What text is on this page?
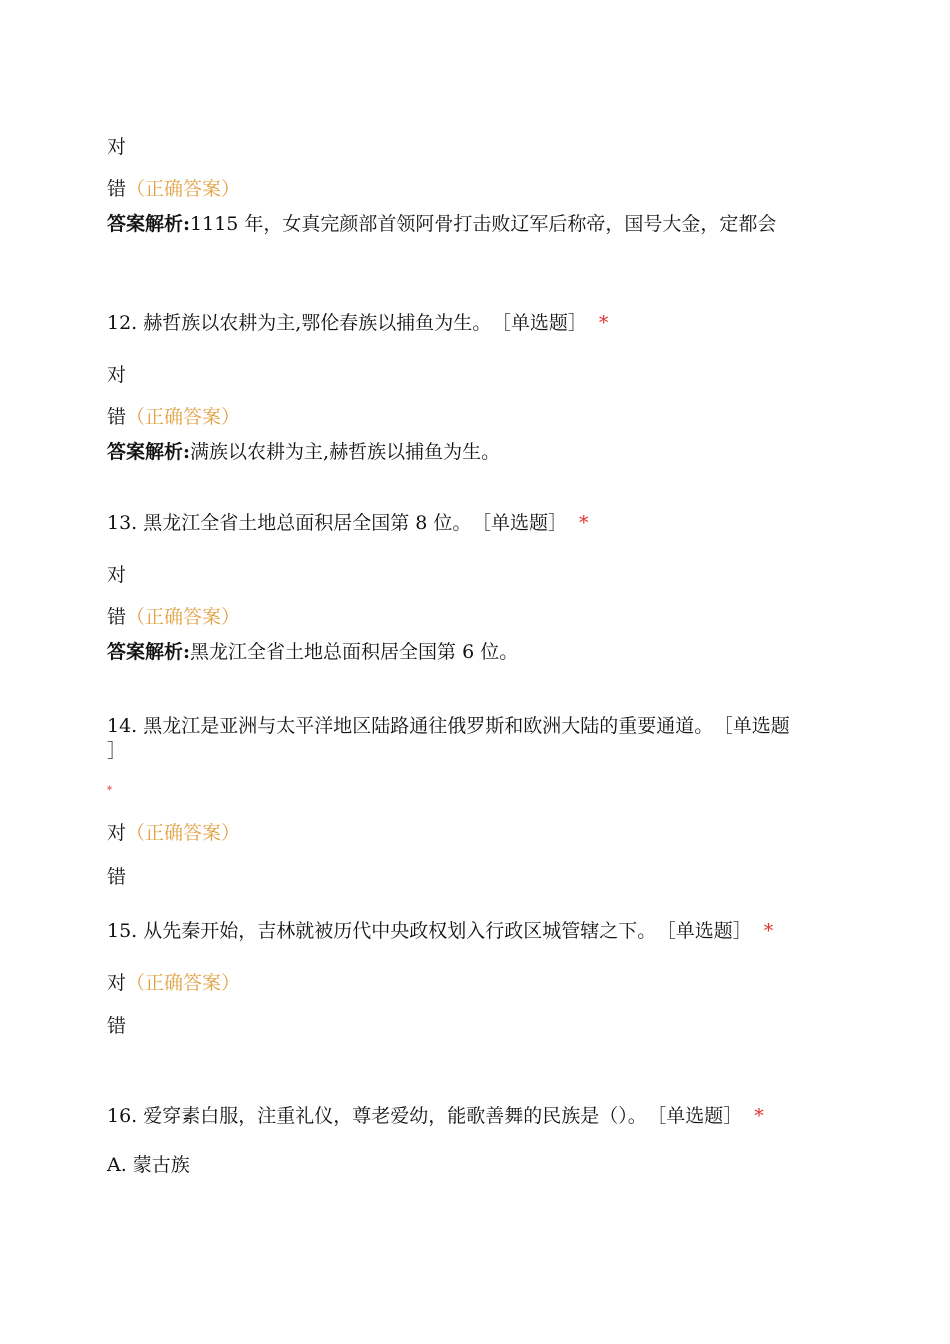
对
错（正确答案）
答案解析:1115 年，女真完颜部首领阿骨打击败辽军后称帝，国号大金，定都会
12. 赫哲族以农耕为主,鄂伦春族以捕鱼为生。 ［单选题］ *
对
错（正确答案）
答案解析:满族以农耕为主,赫哲族以捕鱼为生。
13. 黑龙江全省土地总面积居全国第 8 位。 ［单选题］ *
对
错（正确答案）
答案解析:黑龙江全省土地总面积居全国第 6 位。
14. 黑龙江是亚洲与太平洋地区陆路通往俄罗斯和欧洲大陆的重要通道。 ［单选题
］
*
对（正确答案）
错
15. 从先秦开始，吉林就被历代中央政权划入行政区城管辖之下。 ［单选题］ *
对（正确答案）
错
16. 爱穿素白服，注重礼仪，尊老爱幼，能歌善舞的民族是（）。 ［单选题］ *
A. 蒙古族
